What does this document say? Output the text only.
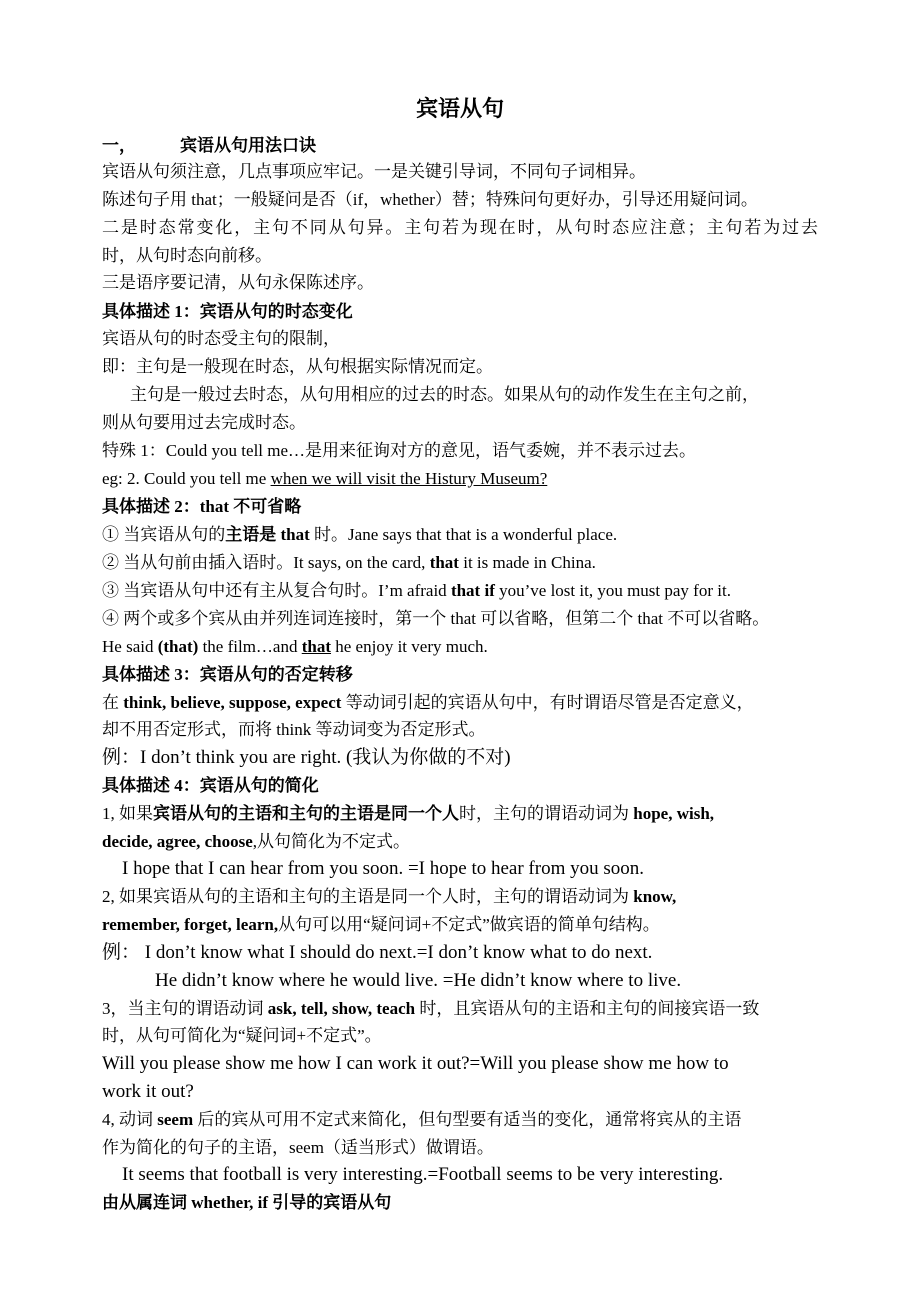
宾语从句
一，	宾语从句用法口诀
宾语从句须注意，几点事项应牢记。一是关键引导词，不同句子词相异。
陈述句子用 that；一般疑问是否（if，whether）替；特殊问句更好办，引导还用疑问词。
二是时态常变化，主句不同从句异。主句若为现在时，从句时态应注意；主句若为过去
时，从句时态向前移。
三是语序要记清，从句永保陈述序。
具体描述 1：宾语从句的时态变化
宾语从句的时态受主句的限制，
即：主句是一般现在时态，从句根据实际情况而定。
主句是一般过去时态，从句用相应的过去的时态。如果从句的动作发生在主句之前，
则从句要用过去完成时态。
特殊 1：Could you tell me…是用来征询对方的意见，语气委婉，并不表示过去。
eg: 2. Could you tell me when we will visit the Histury Museum?
具体描述 2：that 不可省略
① 当宾语从句的主语是 that 时。Jane says that that is a wonderful place.
② 当从句前由插入语时。It says, on the card, that it is made in China.
③ 当宾语从句中还有主从复合句时。I’m afraid that if you’ve lost it, you must pay for it.
④ 两个或多个宾从由并列连词连接时，第一个 that 可以省略，但第二个 that 不可以省略。
He said (that) the film…and that he enjoy it very much.
具体描述 3：宾语从句的否定转移
在 think, believe, suppose, expect 等动词引起的宾语从句中，有时谓语尽管是否定意义，
却不用否定形式，而将 think 等动词变为否定形式。
例：I don’t think you are right. (我认为你做的不对)
具体描述 4：宾语从句的简化
1, 如果宾语从句的主语和主句的主语是同一个人时，主句的谓语动词为 hope, wish,
decide, agree, choose,从句简化为不定式。
I hope that I can hear from you soon. =I hope to hear from you soon.
2, 如果宾语从句的主语和主句的主语是同一个人时，主句的谓语动词为 know,
remember, forget, learn,从句可以用“疑问词+不定式”做宾语的简单句结构。
例： I don’t know what I should do next.=I don’t know what to do next.
He didn’t know where he would live. =He didn’t know where to live.
3，当主句的谓语动词 ask, tell, show, teach 时，且宾语从句的主语和主句的间接宾语一致
时，从句可简化为“疑问词+不定式”。
Will you please show me how I can work it out?=Will you please show me how to
work it out?
4, 动词 seem 后的宾从可用不定式来简化，但句型要有适当的变化，通常将宾从的主语
作为简化的句子的主语，seem（适当形式）做谓语。
It seems that football is very interesting.=Football seems to be very interesting.
由从属连词 whether, if 引导的宾语从句
